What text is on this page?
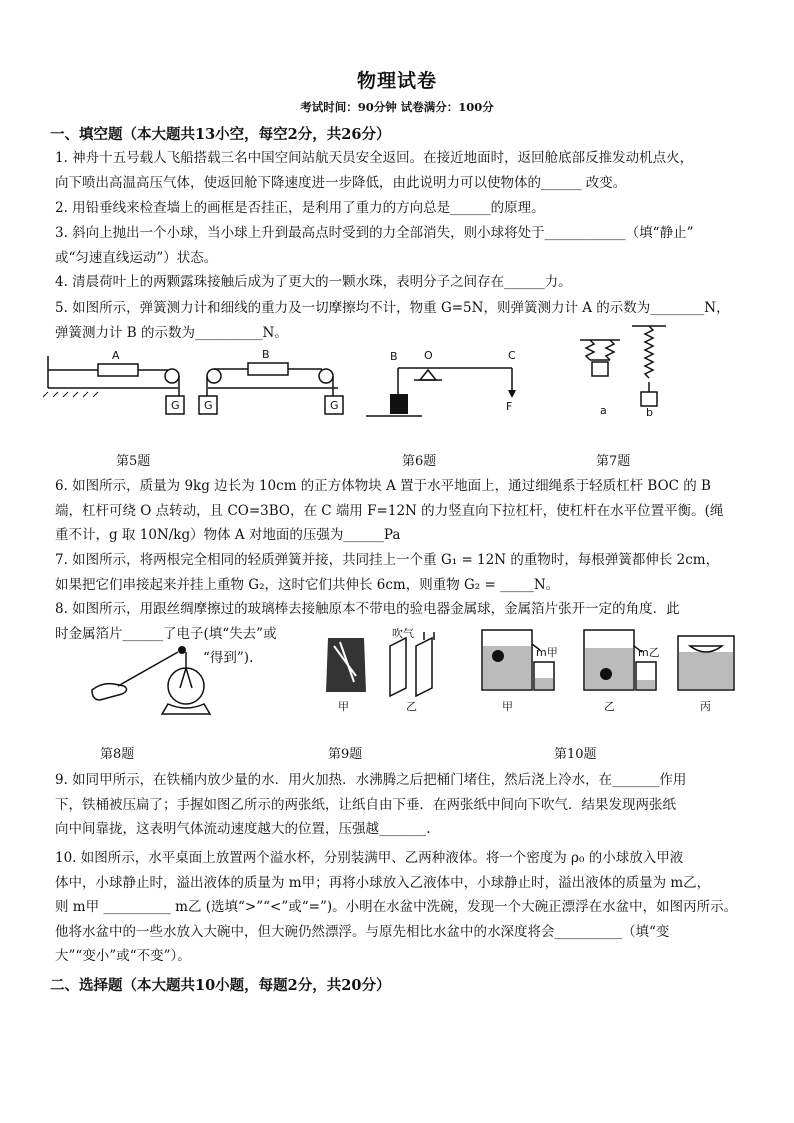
物理试卷
考试时间：90分钟 试卷满分：100分
一、填空题（本大题共13小空，每空2分，共26分）
1. 神舟十五号载人飞船搭载三名中国空间站航天员安全返回。在接近地面时，返回舱底部反推发动机点火，
向下喷出高温高压气体，使返回舱下降速度进一步降低，由此说明力可以使物体的______ 改变。
2. 用铅垂线来检查墙上的画框是否挂正，是利用了重力的方向总是______的原理。
3. 斜向上抛出一个小球，当小球上升到最高点时受到的力全部消失，则小球将处于____________（填“静止”
或“匀速直线运动”）状态。
4. 清晨荷叶上的两颗露珠接触后成为了更大的一颗水珠，表明分子之间存在______力。
5. 如图所示，弹簧测力计和细线的重力及一切摩擦均不计，物重 G=5N，则弹簧测力计 A 的示数为________N，
弹簧测力计 B 的示数为__________N。
A	B
G G	G
B O	C
F	a	b
第5题	第6题	第7题
6. 如图所示，质量为 9kg 边长为 10cm 的正方体物块 A 置于水平地面上，通过细绳系于轻质杠杆 BOC 的 B
端，杠杆可绕 O 点转动，且 CO=3BO，在 C 端用 F=12N 的力竖直向下拉杠杆，使杠杆在水平位置平衡。(绳
重不计，g 取 10N/kg）物体 A 对地面的压强为______Pa
7. 如图所示，将两根完全相同的轻质弹簧并接，共同挂上一个重 G₁ = 12N 的重物时，每根弹簧都伸长 2cm，
如果把它们串接起来并挂上重物 G₂，这时它们共伸长 6cm，则重物 G₂ = _____N。
8. 如图所示，用跟丝绸摩擦过的玻璃棒去接触原本不带电的验电器金属球，金属箔片张开一定的角度．此
时金属箔片______了电子(填“失去”或
“得到”).
吹气
甲	乙
m甲	m乙
甲	乙	丙
第8题	第9题	第10题
9. 如同甲所示，在铁桶内放少量的水．用火加热．水沸腾之后把桶门堵住，然后浇上冷水，在_______作用
下，铁桶被压扁了；手握如图乙所示的两张纸，让纸自由下垂．在两张纸中间向下吹气．结果发现两张纸
向中间靠拢，这表明气体流动速度越大的位置，压强越_______.
10. 如图所示，水平桌面上放置两个溢水杯，分别装满甲、乙两种液体。将一个密度为 ρ₀ 的小球放入甲液
体中，小球静止时，溢出液体的质量为 m甲；再将小球放入乙液体中，小球静止时，溢出液体的质量为 m乙，
则 m甲 __________ m乙 (选填“>”“<”或“=”)。小明在水盆中洗碗，发现一个大碗正漂浮在水盆中，如图丙所示。
他将水盆中的一些水放入大碗中，但大碗仍然漂浮。与原先相比水盆中的水深度将会__________（填“变
大”“变小”或“不变”）。
二、选择题（本大题共10小题，每题2分，共20分）
